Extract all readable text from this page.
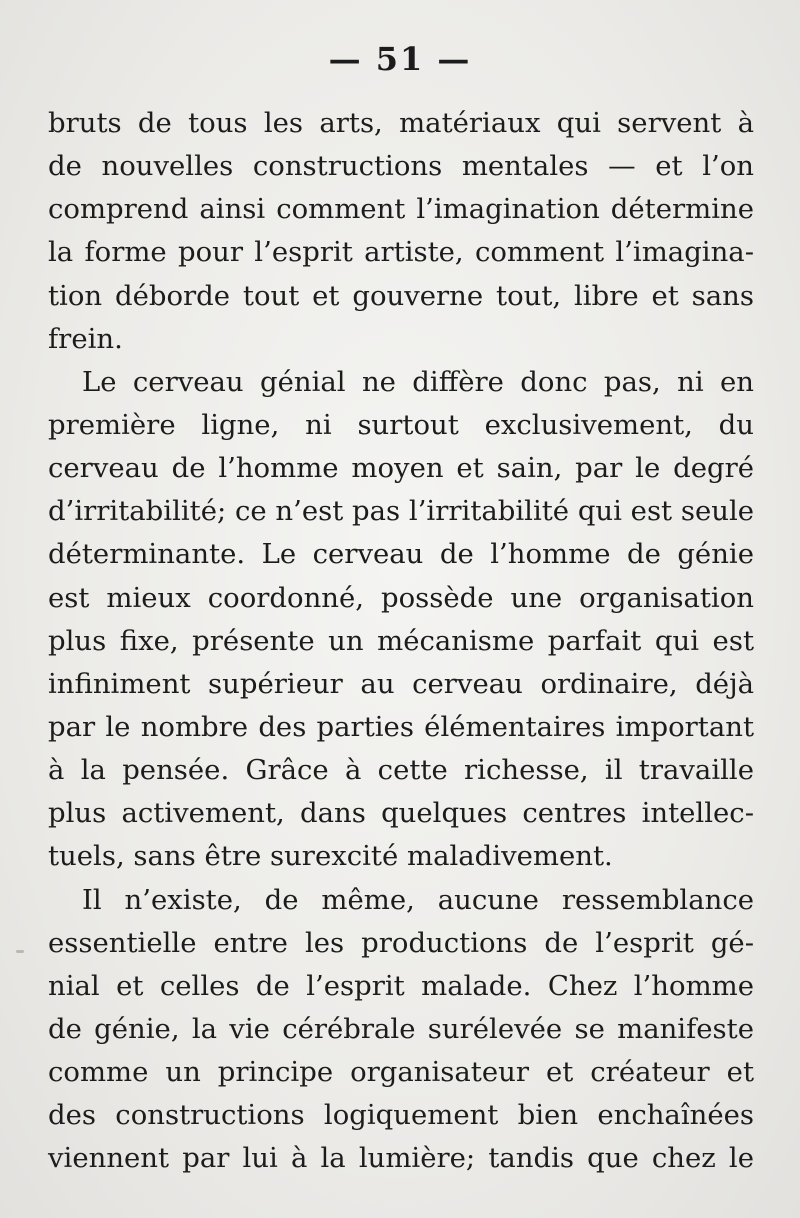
— 51 —
bruts de tous les arts, matériaux qui servent à
de nouvelles constructions mentales — et l’on
comprend ainsi comment l’imagination détermine
la forme pour l’esprit artiste, comment l’imagina-
tion déborde tout et gouverne tout, libre et sans
frein.
Le cerveau génial ne diffère donc pas, ni en
première ligne, ni surtout exclusivement, du
cerveau de l’homme moyen et sain, par le degré
d’irritabilité; ce n’est pas l’irritabilité qui est seule
déterminante. Le cerveau de l’homme de génie
est mieux coordonné, possède une organisation
plus fixe, présente un mécanisme parfait qui est
infiniment supérieur au cerveau ordinaire, déjà
par le nombre des parties élémentaires important
à la pensée. Grâce à cette richesse, il travaille
plus activement, dans quelques centres intellec-
tuels, sans être surexcité maladivement.
Il n’existe, de même, aucune ressemblance
essentielle entre les productions de l’esprit gé-
nial et celles de l’esprit malade. Chez l’homme
de génie, la vie cérébrale surélevée se manifeste
comme un principe organisateur et créateur et
des constructions logiquement bien enchaînées
viennent par lui à la lumière; tandis que chez le
